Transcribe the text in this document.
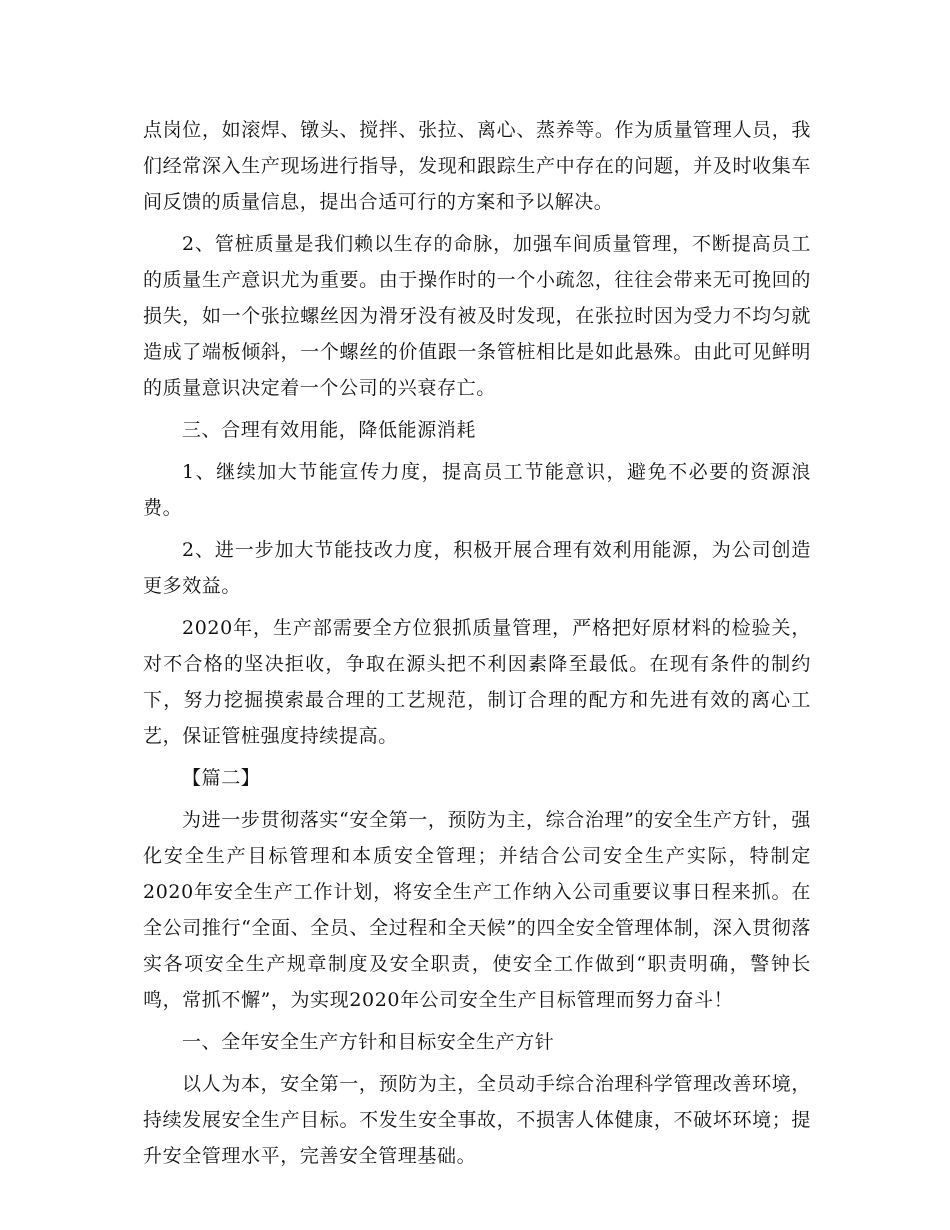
点岗位，如滚焊、镦头、搅拌、张拉、离心、蒸养等。作为质量管理人员，我们经常深入生产现场进行指导，发现和跟踪生产中存在的问题，并及时收集车间反馈的质量信息，提出合适可行的方案和予以解决。

2、管桩质量是我们赖以生存的命脉，加强车间质量管理，不断提高员工的质量生产意识尤为重要。由于操作时的一个小疏忽，往往会带来无可挽回的损失，如一个张拉螺丝因为滑牙没有被及时发现，在张拉时因为受力不均匀就造成了端板倾斜，一个螺丝的价值跟一条管桩相比是如此悬殊。由此可见鲜明的质量意识决定着一个公司的兴衰存亡。

三、合理有效用能，降低能源消耗

1、继续加大节能宣传力度，提高员工节能意识，避免不必要的资源浪费。

2、进一步加大节能技改力度，积极开展合理有效利用能源，为公司创造更多效益。

2020年，生产部需要全方位狠抓质量管理，严格把好原材料的检验关，对不合格的坚决拒收，争取在源头把不利因素降至最低。在现有条件的制约下，努力挖掘摸索最合理的工艺规范，制订合理的配方和先进有效的离心工艺，保证管桩强度持续提高。

【篇二】

为进一步贯彻落实“安全第一，预防为主，综合治理”的安全生产方针，强化安全生产目标管理和本质安全管理；并结合公司安全生产实际，特制定2020年安全生产工作计划，将安全生产工作纳入公司重要议事日程来抓。在全公司推行“全面、全员、全过程和全天候”的四全安全管理体制，深入贯彻落实各项安全生产规章制度及安全职责，使安全工作做到“职责明确，警钟长鸣，常抓不懈”，为实现2020年公司安全生产目标管理而努力奋斗！

一、全年安全生产方针和目标安全生产方针

以人为本，安全第一，预防为主，全员动手综合治理科学管理改善环境，持续发展安全生产目标。不发生安全事故，不损害人体健康，不破坏环境；提升安全管理水平，完善安全管理基础。
